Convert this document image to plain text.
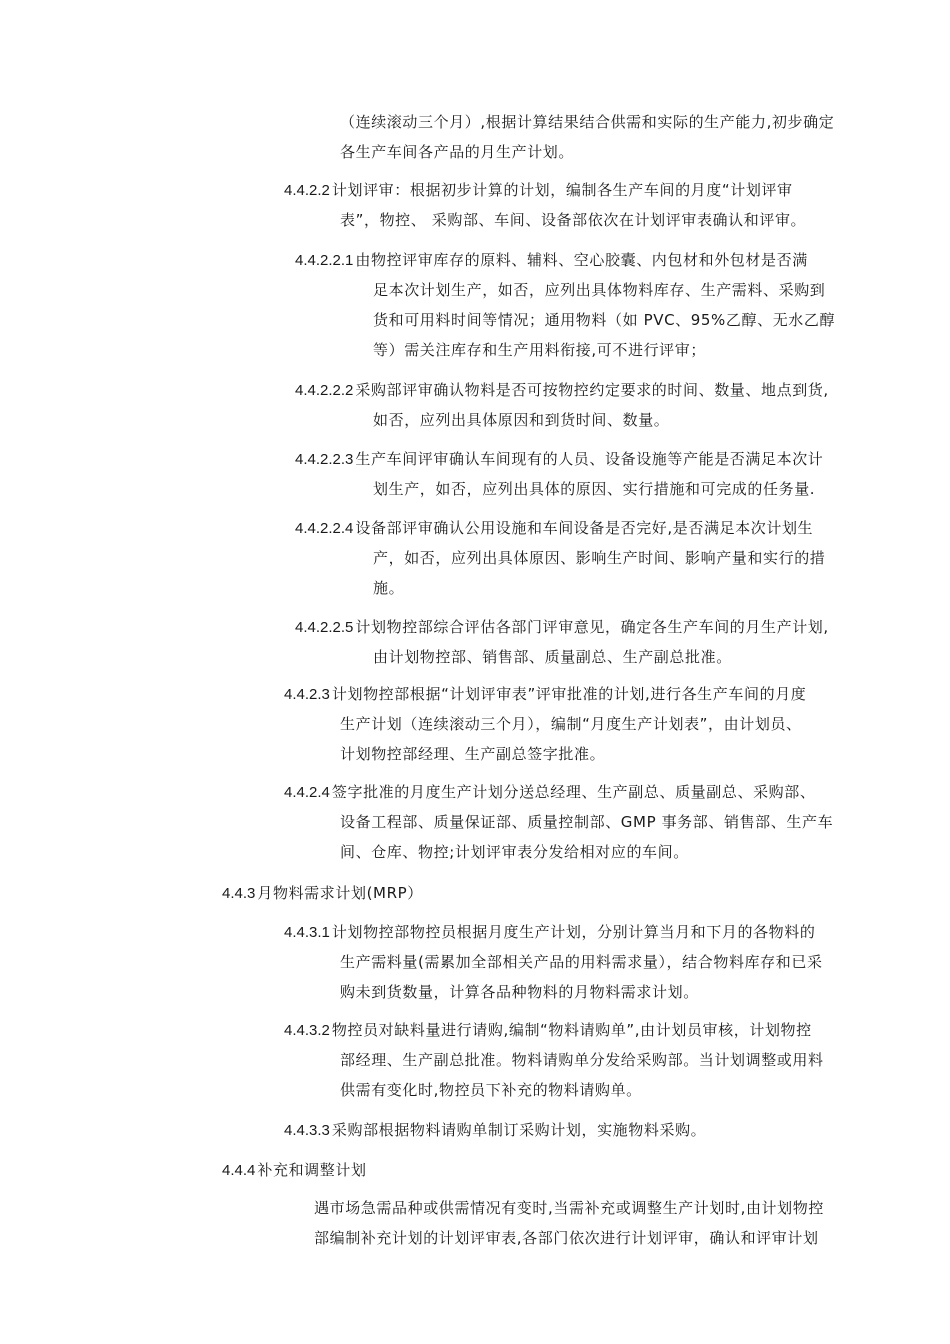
（连续滚动三个月）,根据计算结果结合供需和实际的生产能力,初步确定
各生产车间各产品的月生产计划。
4.4.2.2 计划评审：根据初步计算的计划，编制各生产车间的月度“计划评审
表”，物控、 采购部、车间、设备部依次在计划评审表确认和评审。
4.4.2.2.1 由物控评审库存的原料、辅料、空心胶囊、内包材和外包材是否满
足本次计划生产，如否，应列出具体物料库存、生产需料、采购到
货和可用料时间等情况；通用物料（如 PVC、95%乙醇、无水乙醇
等）需关注库存和生产用料衔接,可不进行评审；
4.4.2.2.2 采购部评审确认物料是否可按物控约定要求的时间、数量、地点到货,
如否，应列出具体原因和到货时间、数量。
4.4.2.2.3 生产车间评审确认车间现有的人员、设备设施等产能是否满足本次计
划生产，如否，应列出具体的原因、实行措施和可完成的任务量.
4.4.2.2.4 设备部评审确认公用设施和车间设备是否完好,是否满足本次计划生
产，如否，应列出具体原因、影响生产时间、影响产量和实行的措
施。
4.4.2.2.5 计划物控部综合评估各部门评审意见，确定各生产车间的月生产计划,
由计划物控部、销售部、质量副总、生产副总批准。
4.4.2.3 计划物控部根据“计划评审表”评审批准的计划,进行各生产车间的月度
生产计划（连续滚动三个月），编制“月度生产计划表”，由计划员、
计划物控部经理、生产副总签字批准。
4.4.2.4 签字批准的月度生产计划分送总经理、生产副总、质量副总、采购部、
设备工程部、质量保证部、质量控制部、GMP 事务部、销售部、生产车
间、仓库、物控;计划评审表分发给相对应的车间。
4.4.3 月物料需求计划(MRP）
4.4.3.1 计划物控部物控员根据月度生产计划，分别计算当月和下月的各物料的
生产需料量(需累加全部相关产品的用料需求量），结合物料库存和已采
购未到货数量，计算各品种物料的月物料需求计划。
4.4.3.2 物控员对缺料量进行请购,编制“物料请购单”,由计划员审核，计划物控
部经理、生产副总批准。物料请购单分发给采购部。当计划调整或用料
供需有变化时,物控员下补充的物料请购单。
4.4.3.3 采购部根据物料请购单制订采购计划，实施物料采购。
4.4.4 补充和调整计划
遇市场急需品种或供需情况有变时,当需补充或调整生产计划时,由计划物控
部编制补充计划的计划评审表,各部门依次进行计划评审，确认和评审计划
